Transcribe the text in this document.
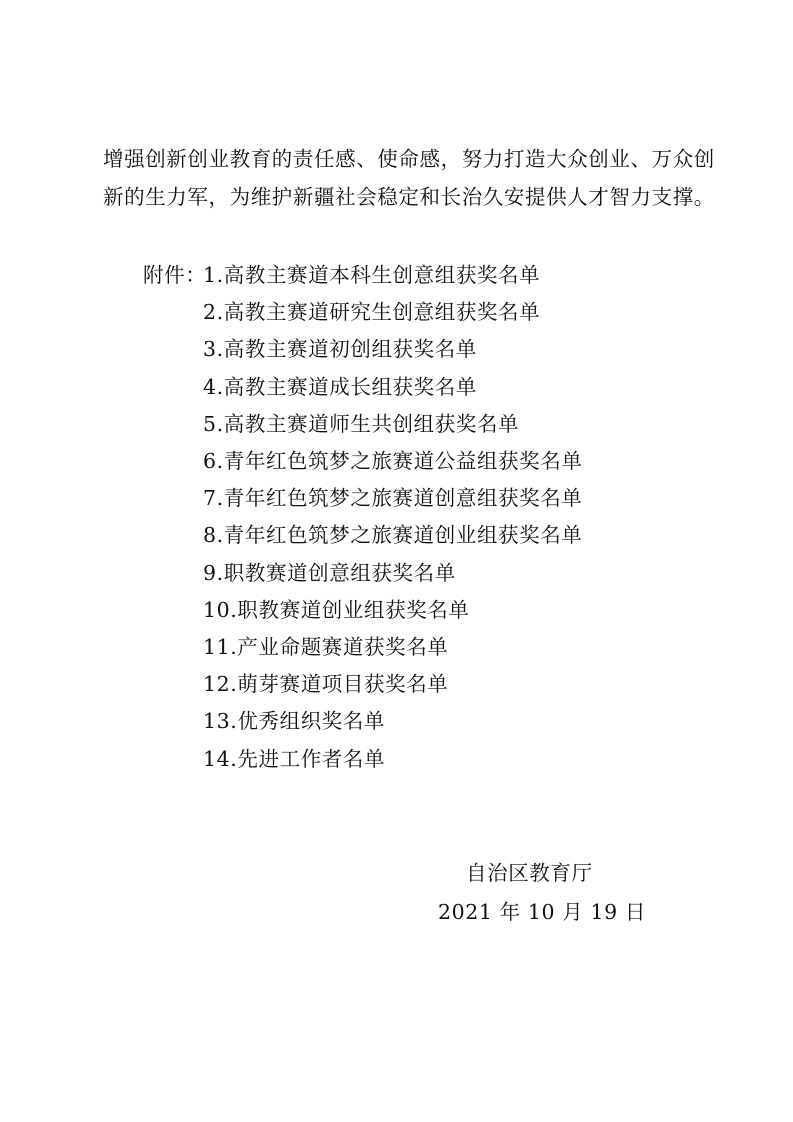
增强创新创业教育的责任感、使命感，努力打造大众创业、万众创
新的生力军，为维护新疆社会稳定和长治久安提供人才智力支撑。

附件：
1.高教主赛道本科生创意组获奖名单
2.高教主赛道研究生创意组获奖名单
3.高教主赛道初创组获奖名单
4.高教主赛道成长组获奖名单
5.高教主赛道师生共创组获奖名单
6.青年红色筑梦之旅赛道公益组获奖名单
7.青年红色筑梦之旅赛道创意组获奖名单
8.青年红色筑梦之旅赛道创业组获奖名单
9.职教赛道创意组获奖名单
10.职教赛道创业组获奖名单
11.产业命题赛道获奖名单
12.萌芽赛道项目获奖名单
13.优秀组织奖名单
14.先进工作者名单
自治区教育厅
2021 年 10 月 19 日
